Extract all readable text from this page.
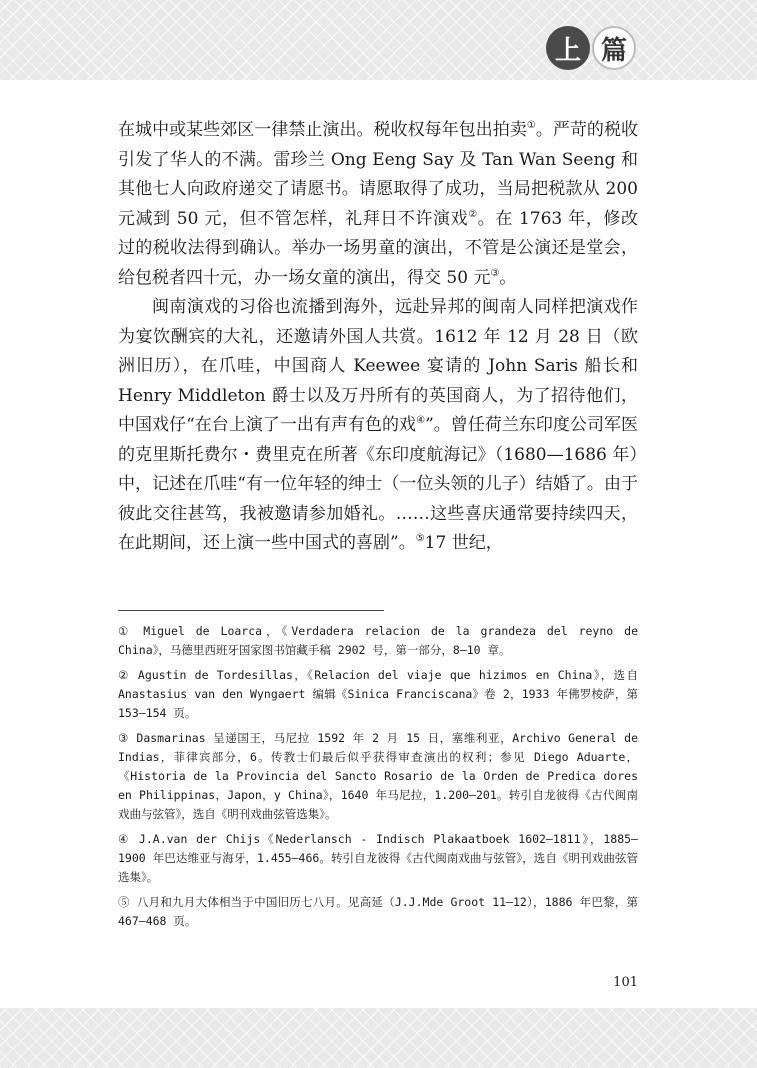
上 篇

在城中或某些郊区一律禁止演出。税收权每年包出拍卖①。严苛的税收引发了华人的不满。雷珍兰 Ong Eeng Say 及 Tan Wan Seeng 和其他七人向政府递交了请愿书。请愿取得了成功，当局把税款从 200 元减到 50 元，但不管怎样，礼拜日不许演戏②。在 1763 年，修改过的税收法得到确认。举办一场男童的演出，不管是公演还是堂会，给包税者四十元，办一场女童的演出，得交 50 元③。

闽南演戏的习俗也流播到海外，远赴异邦的闽南人同样把演戏作为宴饮酬宾的大礼，还邀请外国人共赏。1612 年 12 月 28 日（欧洲旧历），在爪哇，中国商人 Keewee 宴请的 John Saris 船长和 Henry Middleton 爵士以及万丹所有的英国商人，为了招待他们，中国戏仔“在台上演了一出有声有色的戏④”。曾任荷兰东印度公司军医的克里斯托费尔・费里克在所著《东印度航海记》（1680—1686 年）中，记述在爪哇“有一位年轻的绅士（一位头领的儿子）结婚了。由于彼此交往甚笃，我被邀请参加婚礼。……这些喜庆通常要持续四天，在此期间，还上演一些中国式的喜剧”。⑤17 世纪，

① Miguel de Loarca，《Verdadera relacion de la grandeza del reyno de China》，马德里西班牙国家图书馆藏手稿 2902 号，第一部分，8—10 章。

② Agustin de Tordesillas，《Relacion del viaje que hizimos en China》，选自 Anastasius van den Wyngaert 编辑《Sinica Franciscana》卷 2，1933 年佛罗棱萨，第 153—154 页。

③ Dasmarinas 呈递国王，马尼拉 1592 年 2 月 15 日，塞维利亚，Archivo General de Indias，菲律宾部分，6。传教士们最后似乎获得审查演出的权利；参见 Diego Aduarte，《Historia de la Provincia del Sancto Rosario de la Orden de Predica dores en Philippinas，Japon，y China》，1640 年马尼拉，1.200—201。转引自龙彼得《古代闽南戏曲与弦管》，选自《明刊戏曲弦管选集》。

④ J.A.van der Chijs《Nederlansch - Indisch Plakaatboek 1602—1811》，1885—1900 年巴达维亚与海牙，1.455—466。转引自龙彼得《古代闽南戏曲与弦管》，选自《明刊戏曲弦管选集》。

⑤ 八月和九月大体相当于中国旧历七八月。见高延（J.J.Mde Groot 11—12），1886 年巴黎，第 467—468 页。

101
